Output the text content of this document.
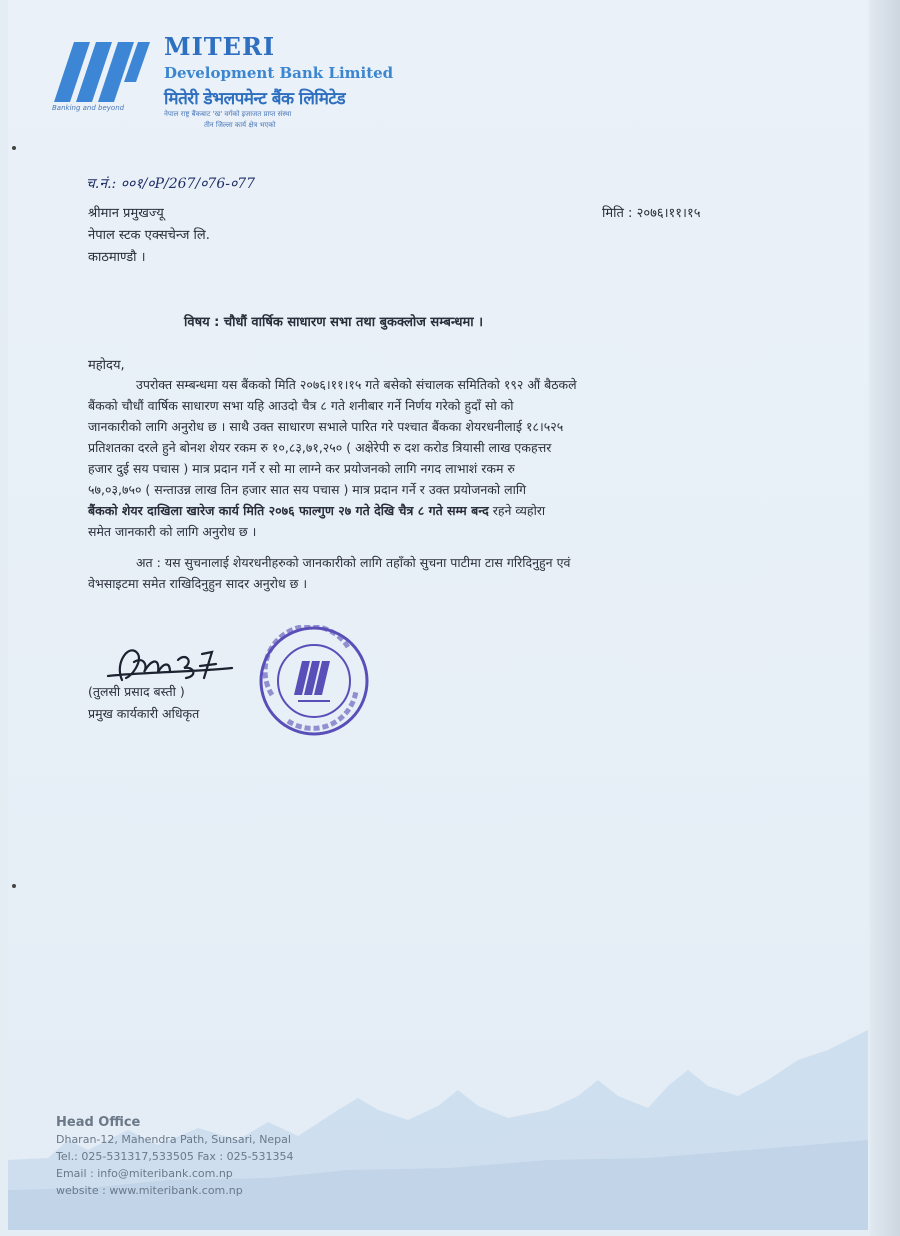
Banking and beyond
MITERI
Development Bank Limited
मितेरी डेभलपमेन्ट बैंक लिमिटेड
नेपाल राष्ट्र बैंकबाट 'ख' वर्गको इजाजत प्राप्त संस्था
तीन जिल्ला कार्य क्षेत्र भएको
च.नं.: ००१/०P/267/०76-०77
मिति : २०७६।११।१५
श्रीमान प्रमुखज्यू
नेपाल स्टक एक्सचेन्ज लि.
काठमाण्डौ ।
विषय : चौधौं वार्षिक साधारण सभा तथा बुकक्लोज सम्बन्धमा ।
महोदय,

उपरोक्त सम्बन्धमा यस बैंकको मिति २०७६।११।१५ गते बसेको संचालक समितिको १९२ औं बैठकले

बैंकको चौधौं वार्षिक साधारण सभा यहि आउदो चैत्र ८ गते शनीबार गर्ने निर्णय गरेको हुदाँ सो को

जानकारीको लागि अनुरोध छ । साथै उक्त साधारण सभाले पारित गरे पश्चात बैंकका शेयरधनीलाई १८।५२५

प्रतिशतका दरले हुने बोनश शेयर रकम रु १०,८३,७१,२५० ( अक्षेरेपी रु दश करोड त्रियासी लाख एकहत्तर

हजार दुई सय पचास ) मात्र प्रदान गर्ने र सो मा लाग्ने कर प्रयोजनको लागि नगद लाभाशं रकम रु

५७,०३,७५० ( सन्ताउन्न लाख तिन हजार सात सय पचास ) मात्र प्रदान गर्ने र उक्त प्रयोजनको लागि

बैंकको शेयर दाखिला खारेज कार्य मिति २०७६ फाल्गुण २७ गते देखि चैत्र ८ गते सम्म बन्द रहने व्यहोरा

समेत जानकारी को लागि अनुरोध छ ।

अत : यस सुचनालाई शेयरधनीहरुको जानकारीको लागि तहाँको सुचना पाटीमा टास गरिदिनुहुन एवं

वेभसाइटमा समेत राखिदिनुहुन सादर अनुरोध छ ।

(तुलसी प्रसाद बस्ती )
प्रमुख कार्यकारी अधिकृत
Head Office
Dharan-12, Mahendra Path, Sunsari, Nepal
Tel.: 025-531317,533505 Fax : 025-531354
Email : info@miteribank.com.np
website : www.miteribank.com.np
